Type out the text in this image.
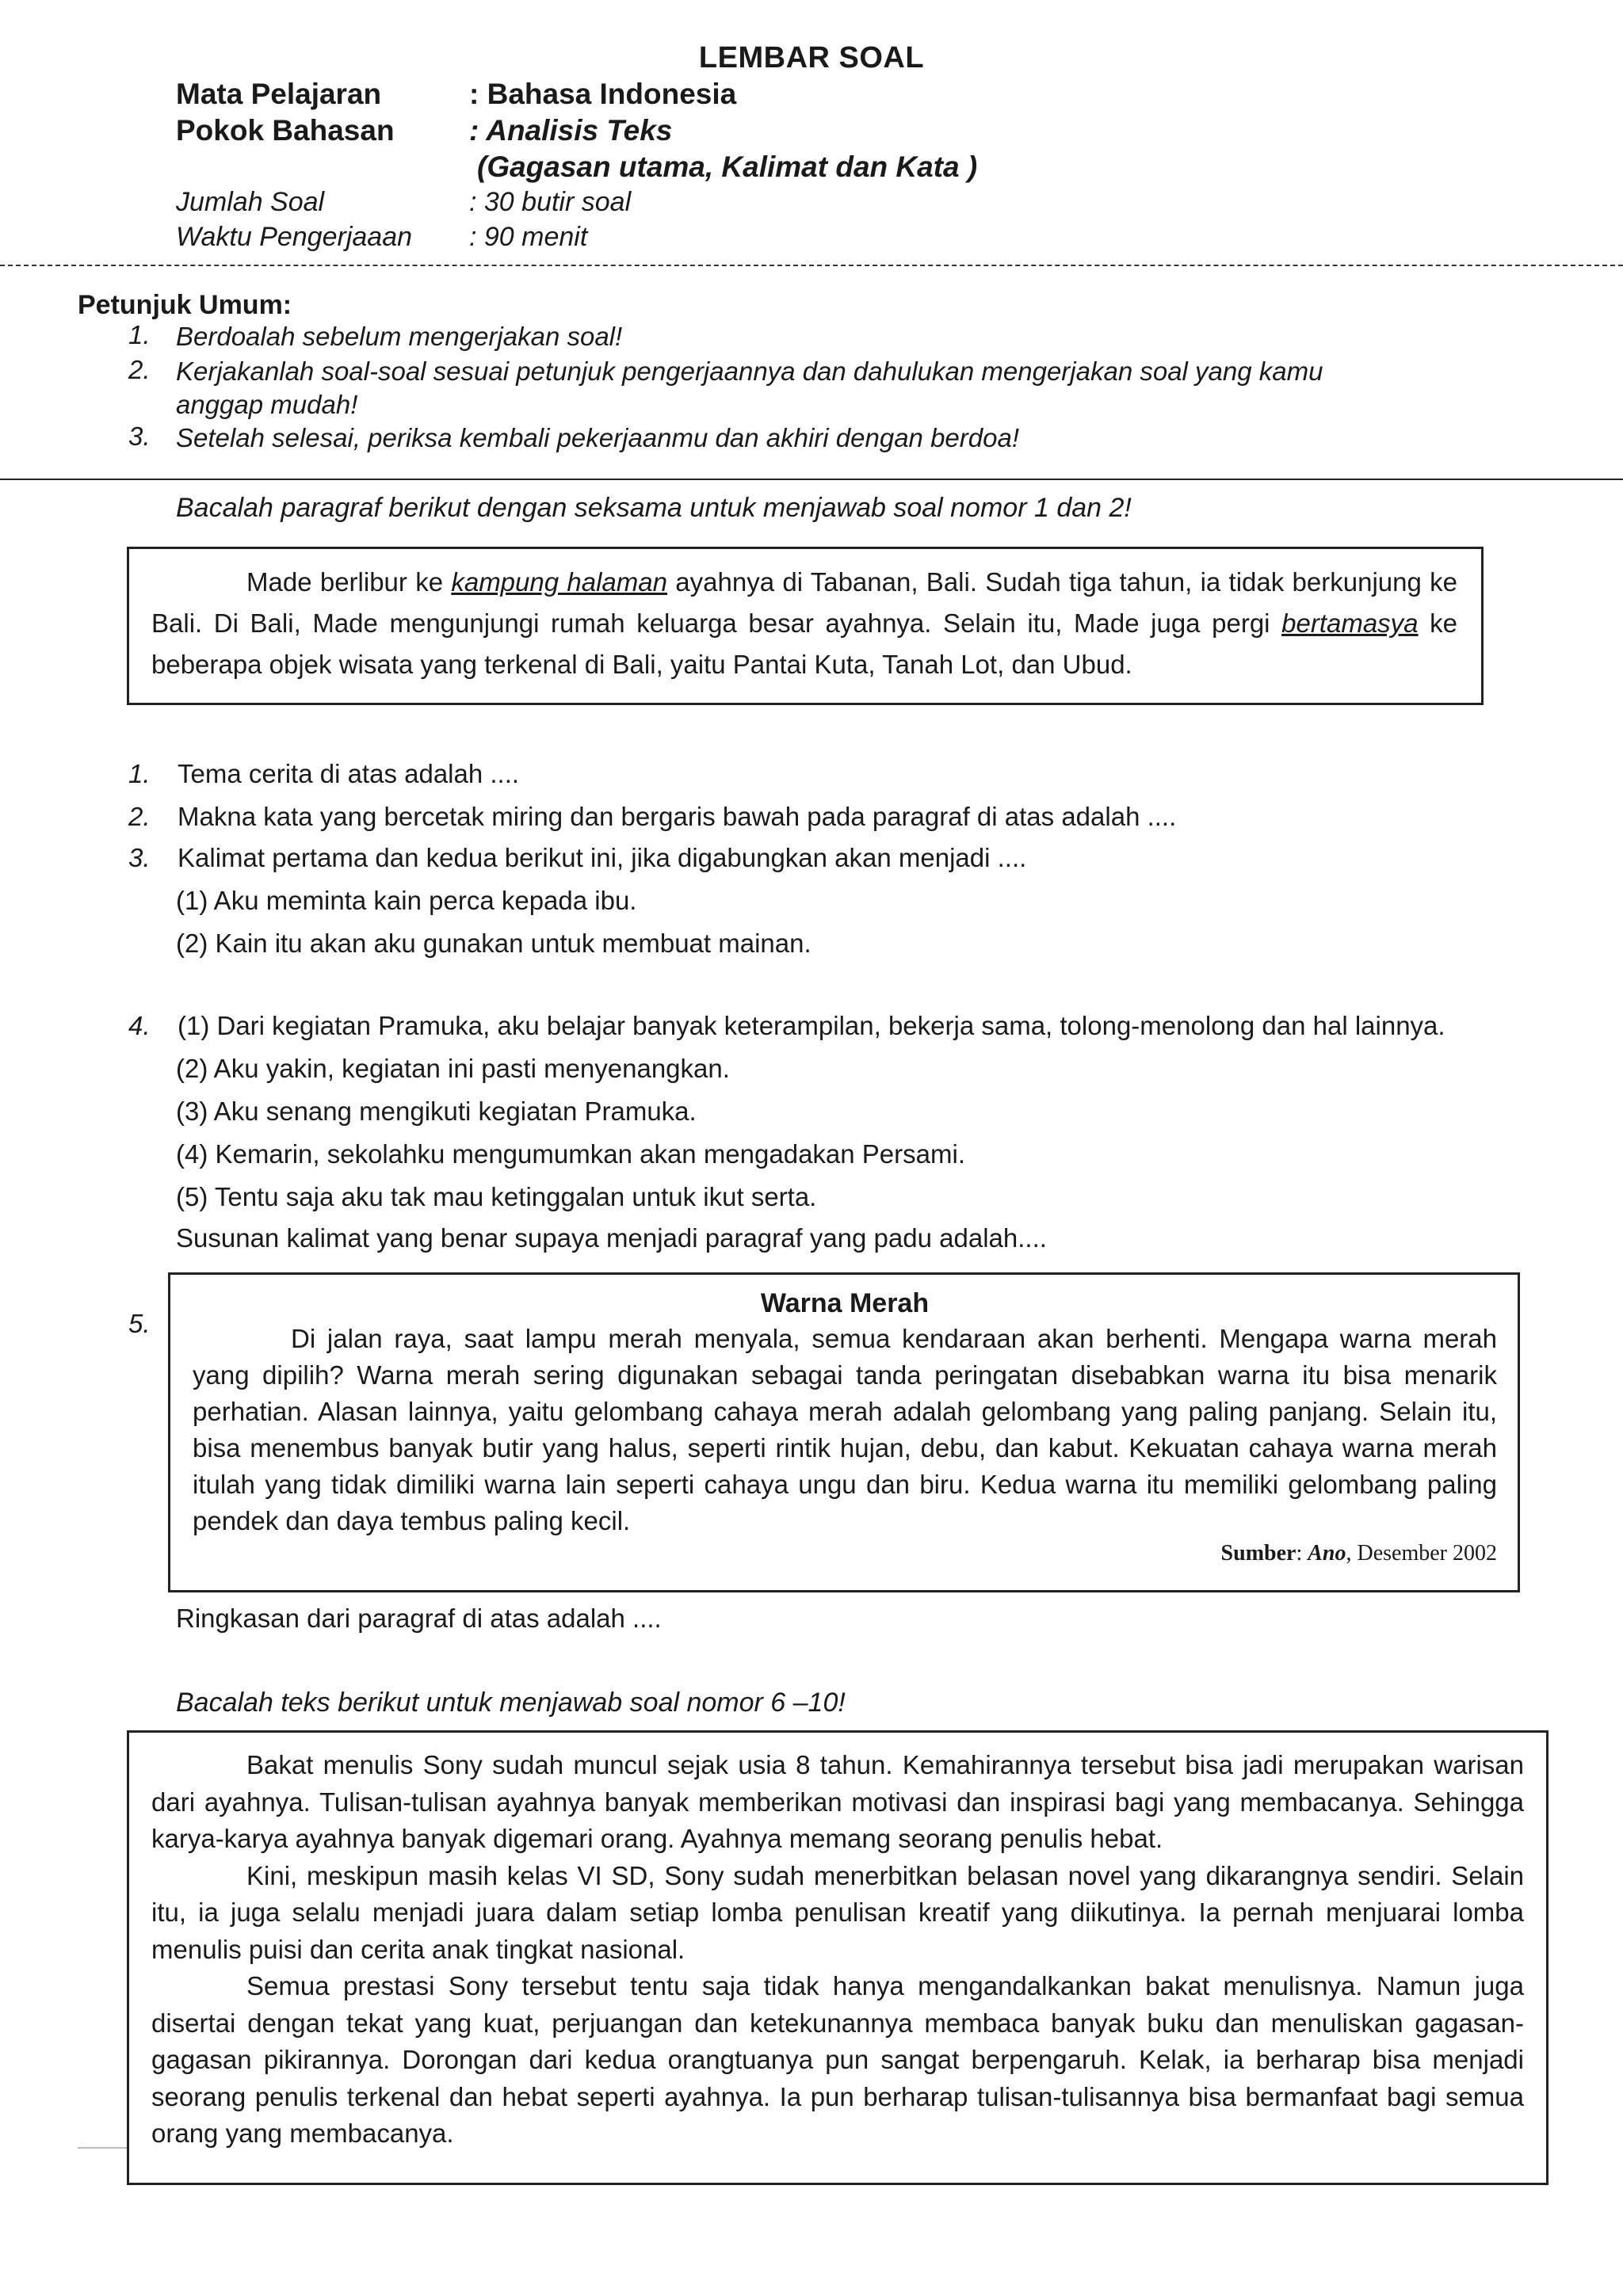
LEMBAR SOAL
Mata Pelajaran	: Bahasa Indonesia
Pokok Bahasan	: Analisis Teks
(Gagasan utama, Kalimat dan Kata )
Jumlah Soal	: 30 butir soal
Waktu Pengerjaaan : 90 menit
Petunjuk Umum:
1. Berdoalah sebelum mengerjakan soal!
2. Kerjakanlah soal-soal sesuai petunjuk pengerjaannya dan dahulukan mengerjakan soal yang kamu
anggap mudah!
3. Setelah selesai, periksa kembali pekerjaanmu dan akhiri dengan berdoa!
Bacalah paragraf berikut dengan seksama untuk menjawab soal nomor 1 dan 2!
Made berlibur ke kampung halaman ayahnya di Tabanan, Bali. Sudah tiga tahun, ia tidak berkunjung ke Bali. Di Bali, Made mengunjungi rumah keluarga besar ayahnya. Selain itu, Made juga pergi bertamasya ke beberapa objek wisata yang terkenal di Bali, yaitu Pantai Kuta, Tanah Lot, dan Ubud.
1. Tema cerita di atas adalah ....
2. Makna kata yang bercetak miring dan bergaris bawah pada paragraf di atas adalah ....
3. Kalimat pertama dan kedua berikut ini, jika digabungkan akan menjadi ....
(1) Aku meminta kain perca kepada ibu.
(2) Kain itu akan aku gunakan untuk membuat mainan.
4. (1) Dari kegiatan Pramuka, aku belajar banyak keterampilan, bekerja sama, tolong-menolong dan hal lainnya.
(2) Aku yakin, kegiatan ini pasti menyenangkan.
(3) Aku senang mengikuti kegiatan Pramuka.
(4) Kemarin, sekolahku mengumumkan akan mengadakan Persami.
(5) Tentu saja aku tak mau ketinggalan untuk ikut serta.
Susunan kalimat yang benar supaya menjadi paragraf yang padu adalah....
5.
Warna Merah
Di jalan raya, saat lampu merah menyala, semua kendaraan akan berhenti. Mengapa warna merah yang dipilih? Warna merah sering digunakan sebagai tanda peringatan disebabkan warna itu bisa menarik perhatian. Alasan lainnya, yaitu gelombang cahaya merah adalah gelombang yang paling panjang. Selain itu, bisa menembus banyak butir yang halus, seperti rintik hujan, debu, dan kabut. Kekuatan cahaya warna merah itulah yang tidak dimiliki warna lain seperti cahaya ungu dan biru. Kedua warna itu memiliki gelombang paling pendek dan daya tembus paling kecil.
Sumber: Ano, Desember 2002
Ringkasan dari paragraf di atas adalah ....
Bacalah teks berikut untuk menjawab soal nomor 6 –10!
Bakat menulis Sony sudah muncul sejak usia 8 tahun. Kemahirannya tersebut bisa jadi merupakan warisan dari ayahnya. Tulisan-tulisan ayahnya banyak memberikan motivasi dan inspirasi bagi yang membacanya. Sehingga karya-karya ayahnya banyak digemari orang. Ayahnya memang seorang penulis hebat.
Kini, meskipun masih kelas VI SD, Sony sudah menerbitkan belasan novel yang dikarangnya sendiri. Selain itu, ia juga selalu menjadi juara dalam setiap lomba penulisan kreatif yang diikutinya. Ia pernah menjuarai lomba menulis puisi dan cerita anak tingkat nasional.
Semua prestasi Sony tersebut tentu saja tidak hanya mengandalkankan bakat menulisnya. Namun juga disertai dengan tekat yang kuat, perjuangan dan ketekunannya membaca banyak buku dan menuliskan gagasan-gagasan pikirannya. Dorongan dari kedua orangtuanya pun sangat berpengaruh. Kelak, ia berharap bisa menjadi seorang penulis terkenal dan hebat seperti ayahnya. Ia pun berharap tulisan-tulisannya bisa bermanfaat bagi semua orang yang membacanya.
